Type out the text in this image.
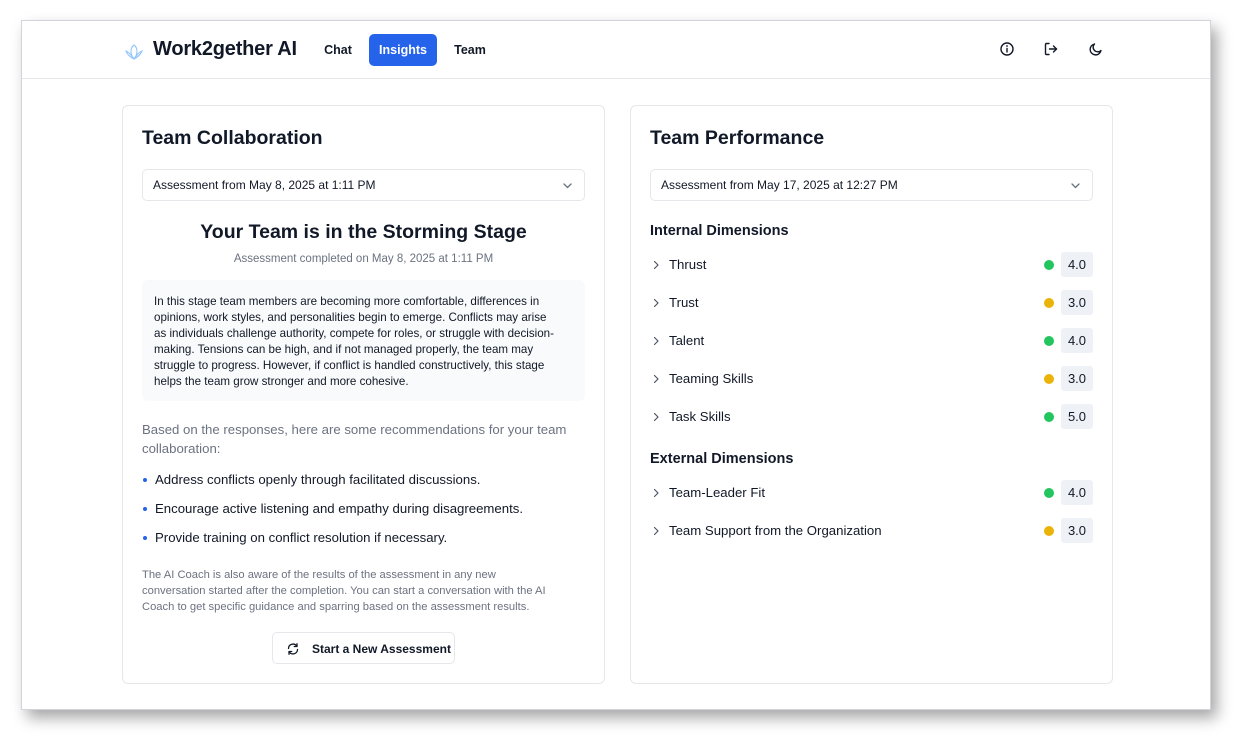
Work2gether AI	Chat	Insights	Team
Team Collaboration
Assessment from May 8, 2025 at 1:11 PM
Your Team is in the Storming Stage
Assessment completed on May 8, 2025 at 1:11 PM
In this stage team members are becoming more comfortable, differences in
opinions, work styles, and personalities begin to emerge. Conflicts may arise
as individuals challenge authority, compete for roles, or struggle with decision-
making. Tensions can be high, and if not managed properly, the team may
struggle to progress. However, if conflict is handled constructively, this stage
helps the team grow stronger and more cohesive.
Based on the responses, here are some recommendations for your team
collaboration:
Address conflicts openly through facilitated discussions.
Encourage active listening and empathy during disagreements.
Provide training on conflict resolution if necessary.
The AI Coach is also aware of the results of the assessment in any new
conversation started after the completion. You can start a conversation with the AI
Coach to get specific guidance and sparring based on the assessment results.
Start a New Assessment
Team Performance
Assessment from May 17, 2025 at 12:27 PM
Internal Dimensions
Thrust	4.0
Trust	3.0
Talent	4.0
Teaming Skills	3.0
Task Skills	5.0
External Dimensions
Team-Leader Fit	4.0
Team Support from the Organization	3.0
